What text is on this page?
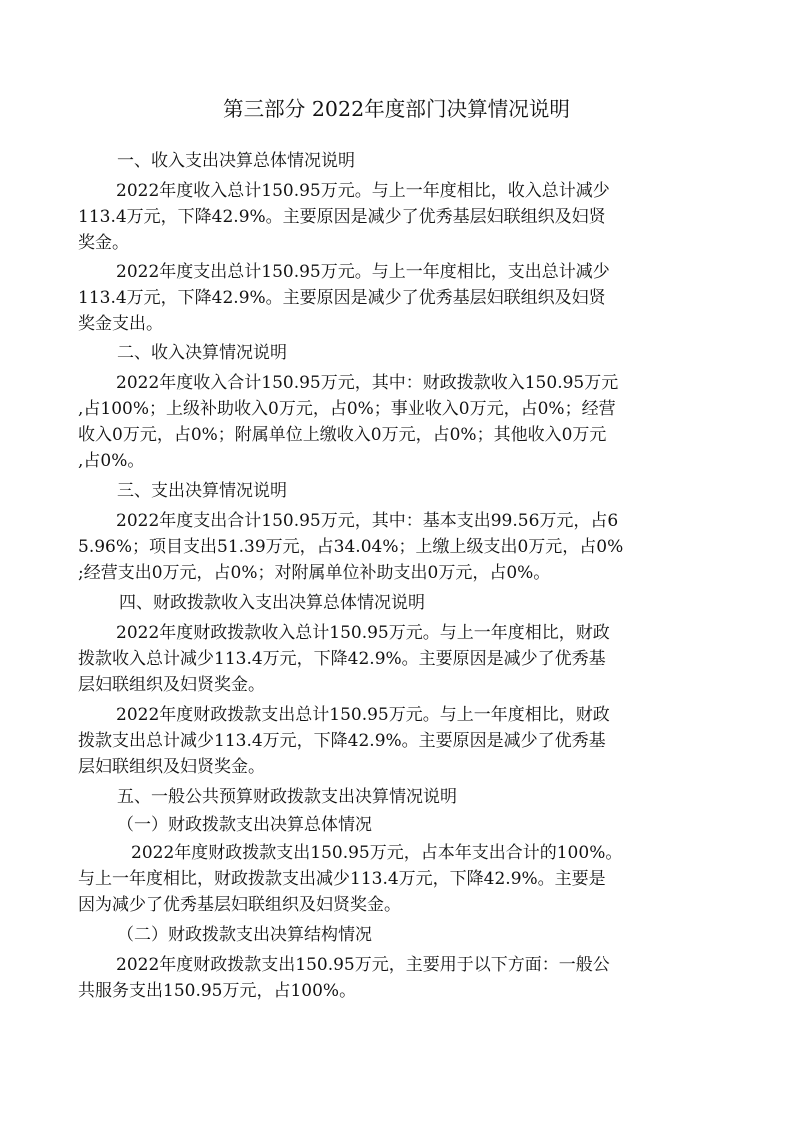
第三部分 2022年度部门决算情况说明
一、收入支出决算总体情况说明
2022年度收入总计150.95万元。与上一年度相比，收入总计减少
113.4万元，下降42.9%。主要原因是减少了优秀基层妇联组织及妇贤
奖金。
2022年度支出总计150.95万元。与上一年度相比，支出总计减少
113.4万元，下降42.9%。主要原因是减少了优秀基层妇联组织及妇贤
奖金支出。
二、收入决算情况说明
2022年度收入合计150.95万元，其中：财政拨款收入150.95万元
,占100%；上级补助收入0万元，占0%；事业收入0万元，占0%；经营
收入0万元，占0%；附属单位上缴收入0万元，占0%；其他收入0万元
,占0%。
三、支出决算情况说明
2022年度支出合计150.95万元，其中：基本支出99.56万元，占6
5.96%；项目支出51.39万元，占34.04%；上缴上级支出0万元，占0%
;经营支出0万元，占0%；对附属单位补助支出0万元，占0%。
四、财政拨款收入支出决算总体情况说明
2022年度财政拨款收入总计150.95万元。与上一年度相比，财政
拨款收入总计减少113.4万元，下降42.9%。主要原因是减少了优秀基
层妇联组织及妇贤奖金。
2022年度财政拨款支出总计150.95万元。与上一年度相比，财政
拨款支出总计减少113.4万元，下降42.9%。主要原因是减少了优秀基
层妇联组织及妇贤奖金。
五、一般公共预算财政拨款支出决算情况说明
（一）财政拨款支出决算总体情况
2022年度财政拨款支出150.95万元，占本年支出合计的100%。
与上一年度相比，财政拨款支出减少113.4万元，下降42.9%。主要是
因为减少了优秀基层妇联组织及妇贤奖金。
（二）财政拨款支出决算结构情况
2022年度财政拨款支出150.95万元，主要用于以下方面：一般公
共服务支出150.95万元，占100%。
